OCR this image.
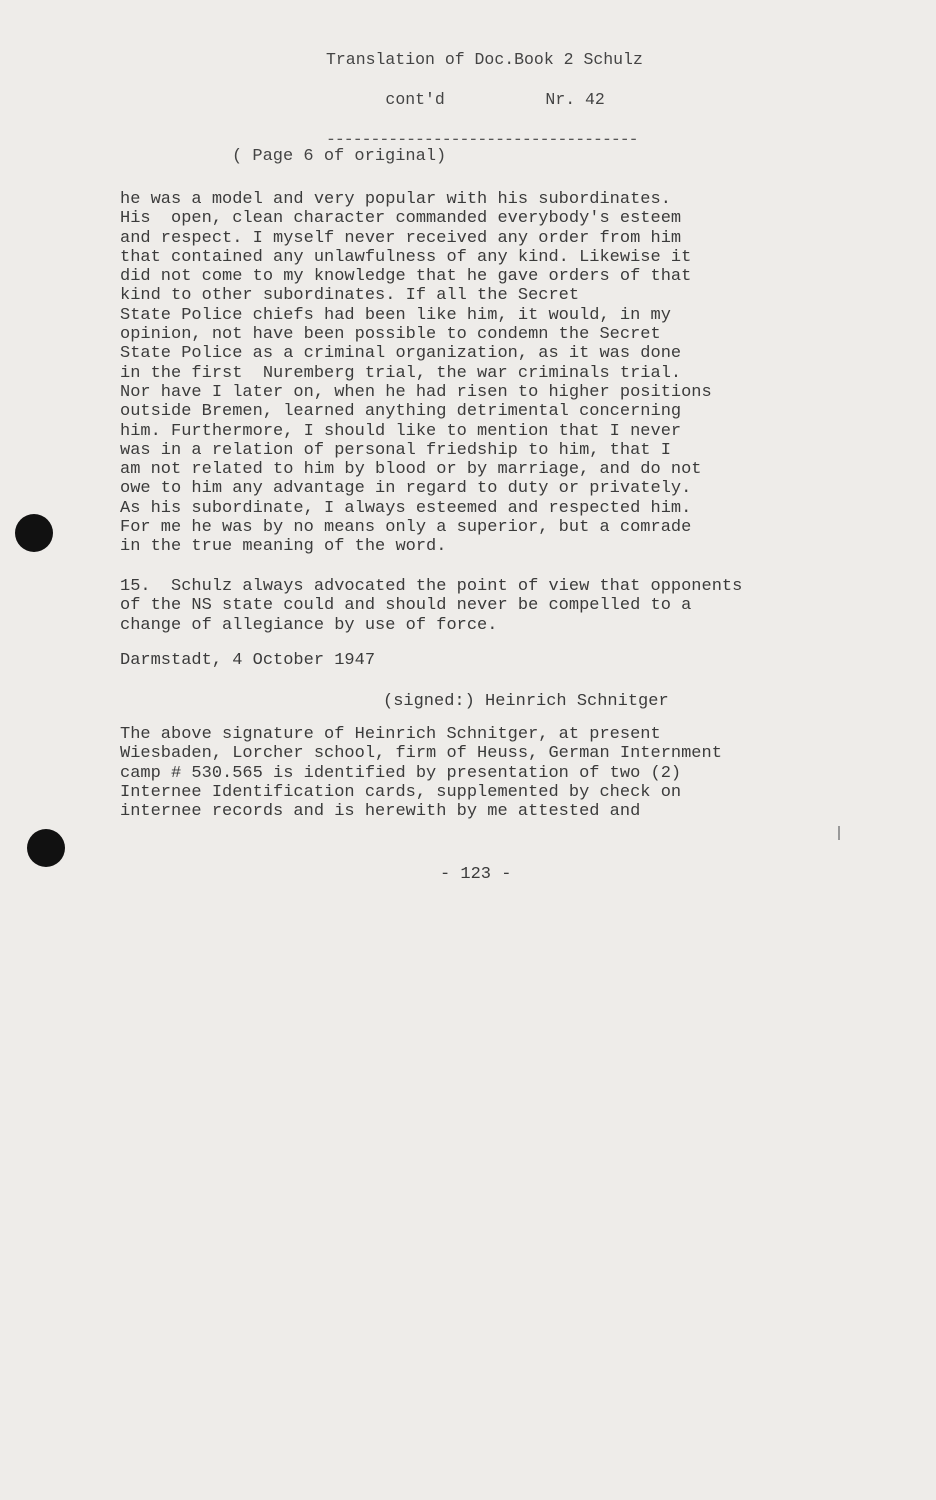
Translation of Doc.Book 2 Schulz

cont'd	Nr. 42

-----------------------------------
( Page 6 of original)
he was a model and very popular with his subordinates.
His  open, clean character commanded everybody's esteem
and respect. I myself never received any order from him
that contained any unlawfulness of any kind. Likewise it
did not come to my knowledge that he gave orders of that
kind to other subordinates. If all the Secret
State Police chiefs had been like him, it would, in my
opinion, not have been possible to condemn the Secret
State Police as a criminal organization, as it was done
in the first  Nuremberg trial, the war criminals trial.
Nor have I later on, when he had risen to higher positions
outside Bremen, learned anything detrimental concerning
him. Furthermore, I should like to mention that I never
was in a relation of personal friedship to him, that I
am not related to him by blood or by marriage, and do not
owe to him any advantage in regard to duty or privately.
As his subordinate, I always esteemed and respected him.
For me he was by no means only a superior, but a comrade
in the true meaning of the word.
15.  Schulz always advocated the point of view that opponents
of the NS state could and should never be compelled to a
change of allegiance by use of force.
Darmstadt, 4 October 1947
(signed:) Heinrich Schnitger
The above signature of Heinrich Schnitger, at present
Wiesbaden, Lorcher school, firm of Heuss, German Internment
camp # 530.565 is identified by presentation of two (2)
Internee Identification cards, supplemented by check on
internee records and is herewith by me attested and
- 123 -
